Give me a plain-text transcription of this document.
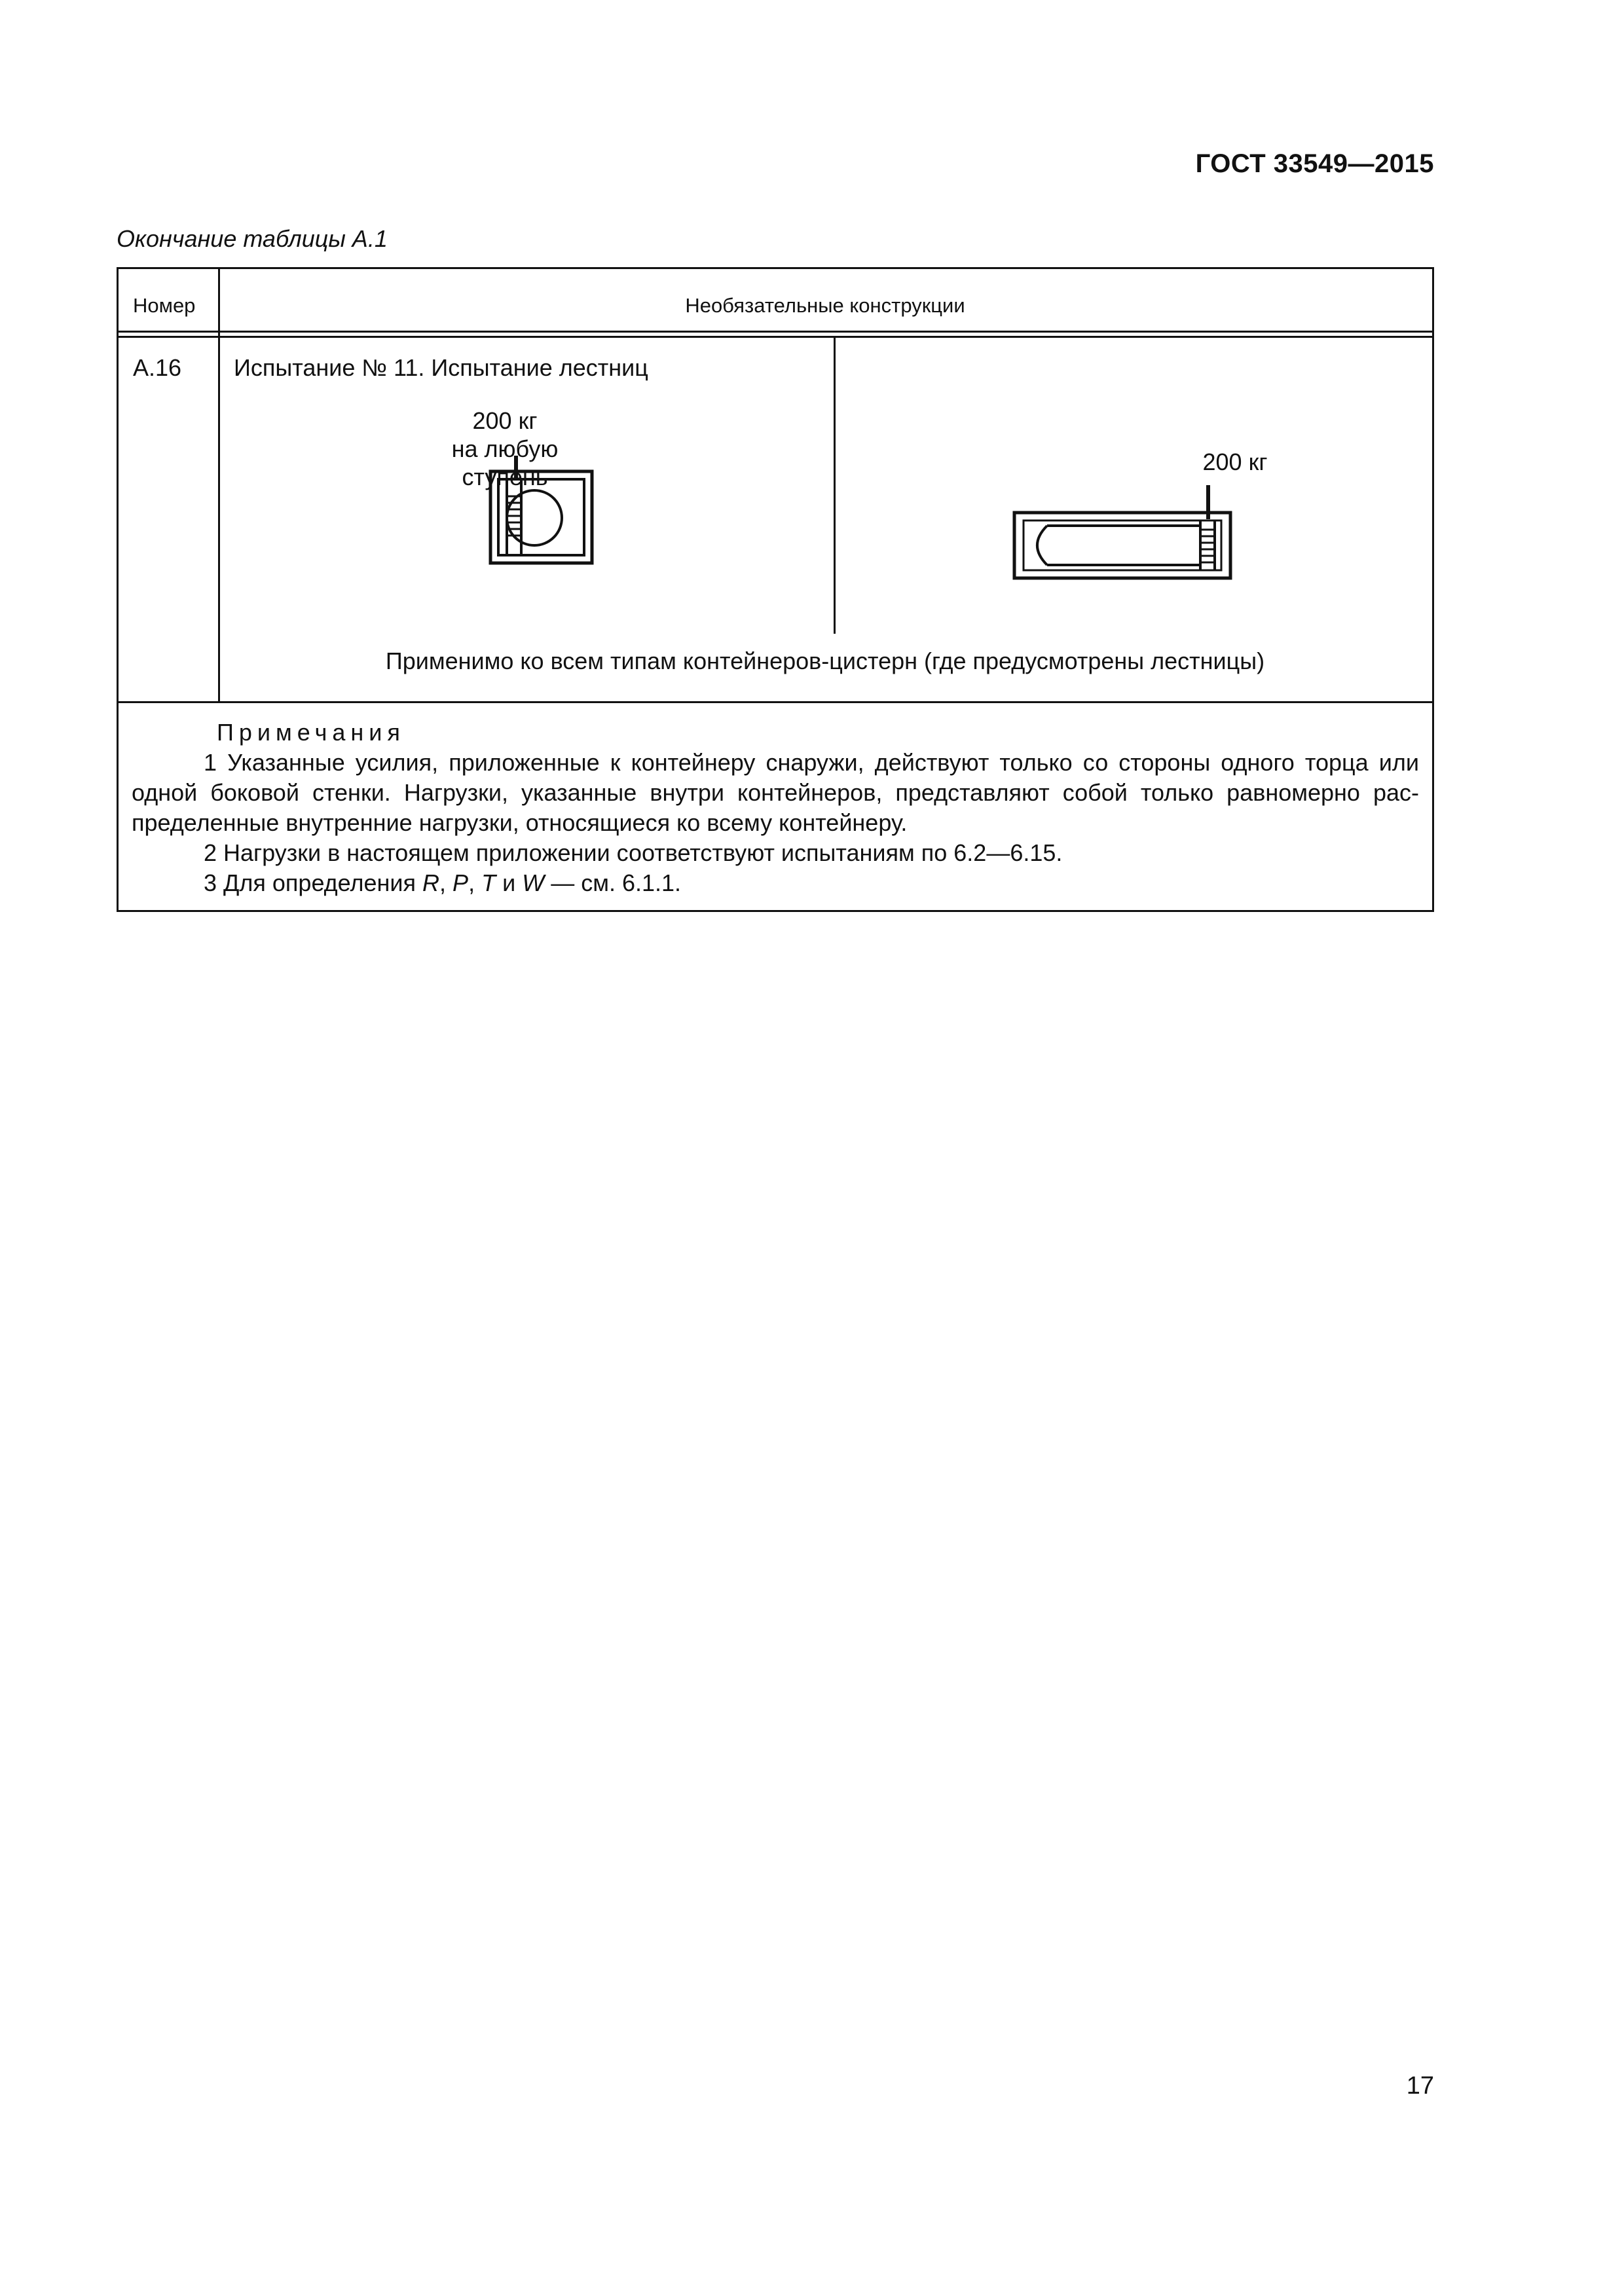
ГОСТ 33549—2015
Окончание таблицы А.1
Номер	Необязательные конструкции
А.16 Испытание № 11. Испытание лестниц
200 кг
на любую ступень
200 кг
Применимо ко всем типам контейнеров-цистерн (где предусмотрены лестницы)

Примечания

1 Указанные усилия, приложенные к контейнеру снаружи, действуют только со стороны одного торца или одной боковой стенки. Нагрузки, указанные внутри контейнеров, представляют собой только равномерно распределенные внутренние нагрузки, относящиеся ко всему контейнеру.

2 Нагрузки в настоящем приложении соответствуют испытаниям по 6.2—6.15.

3 Для определения R, P, T и W — см. 6.1.1.

17
